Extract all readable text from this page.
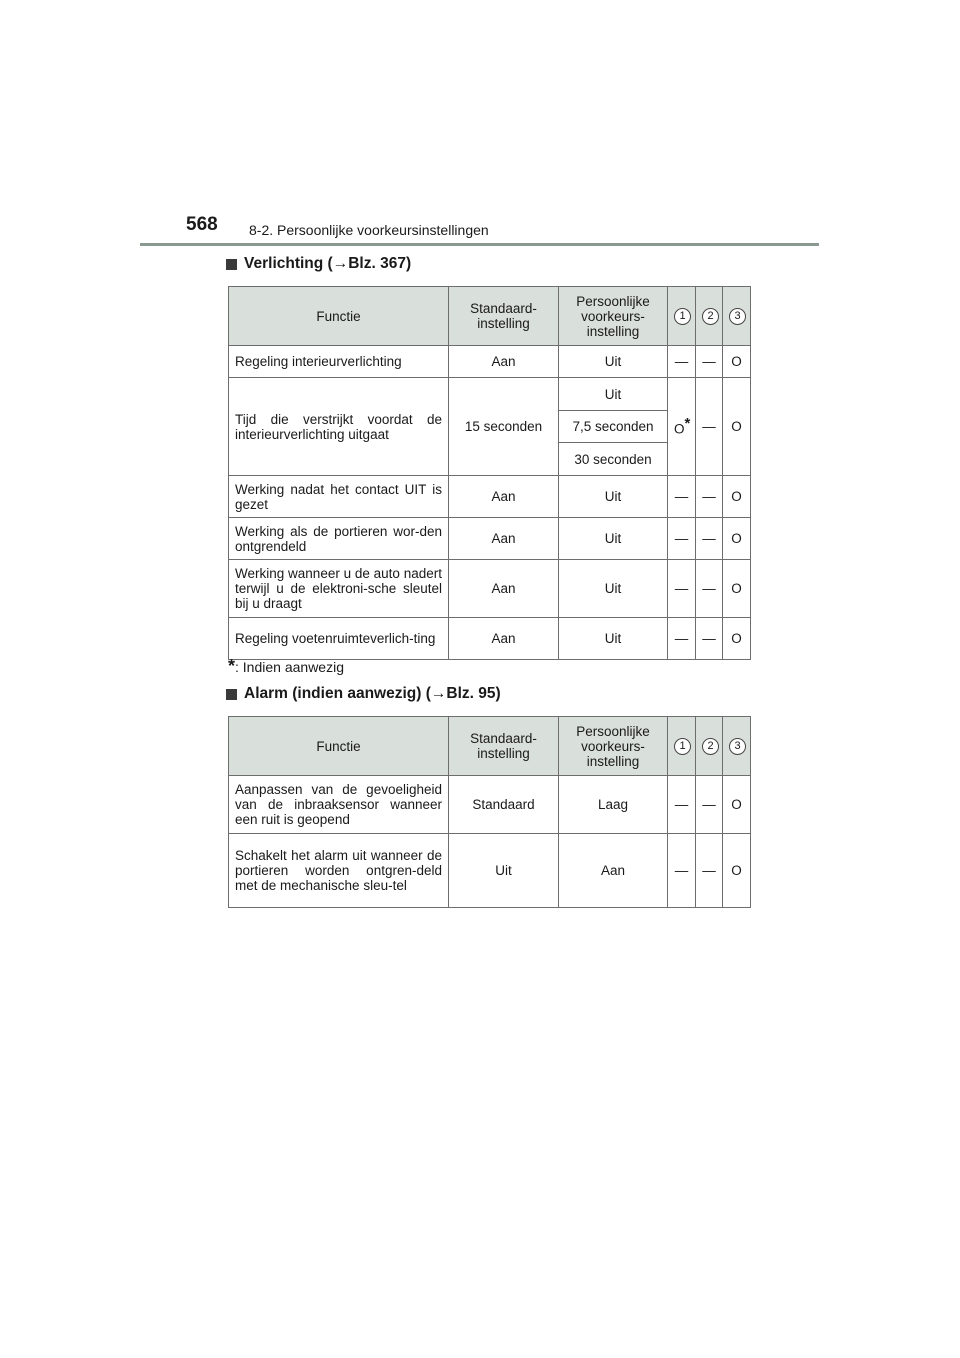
568 8-2. Persoonlijke voorkeursinstellingen
Verlichting ( → Blz. 367)
Functie	Standaard-instelling	Persoonlijke voorkeurs-instelling	1	2	3
Regeling interieurverlichting	Aan	Uit	—	—	O
Tijd die verstrijkt voordat de interieurverlichting uitgaat	15 seconden	Uit	O*	—	O
		7,5 seconden			
		30 seconden			
Werking nadat het contact UIT is gezet	Aan	Uit	—	—	O
Werking als de portieren wor-den ontgrendeld	Aan	Uit	—	—	O
Werking wanneer u de auto nadert terwijl u de elektroni-sche sleutel bij u draagt	Aan	Uit	—	—	O
Regeling voetenruimteverlich-ting	Aan	Uit	—	—	O
*: Indien aanwezig
Alarm (indien aanwezig) ( → Blz. 95)
Functie	Standaard-instelling	Persoonlijke voorkeurs-instelling	1	2	3
Aanpassen van de gevoeligheid van de inbraaksensor wanneer een ruit is geopend	Standaard	Laag	—	—	O
Schakelt het alarm uit wanneer de portieren worden ontgren-deld met de mechanische sleu-tel	Uit	Aan	—	—	O
